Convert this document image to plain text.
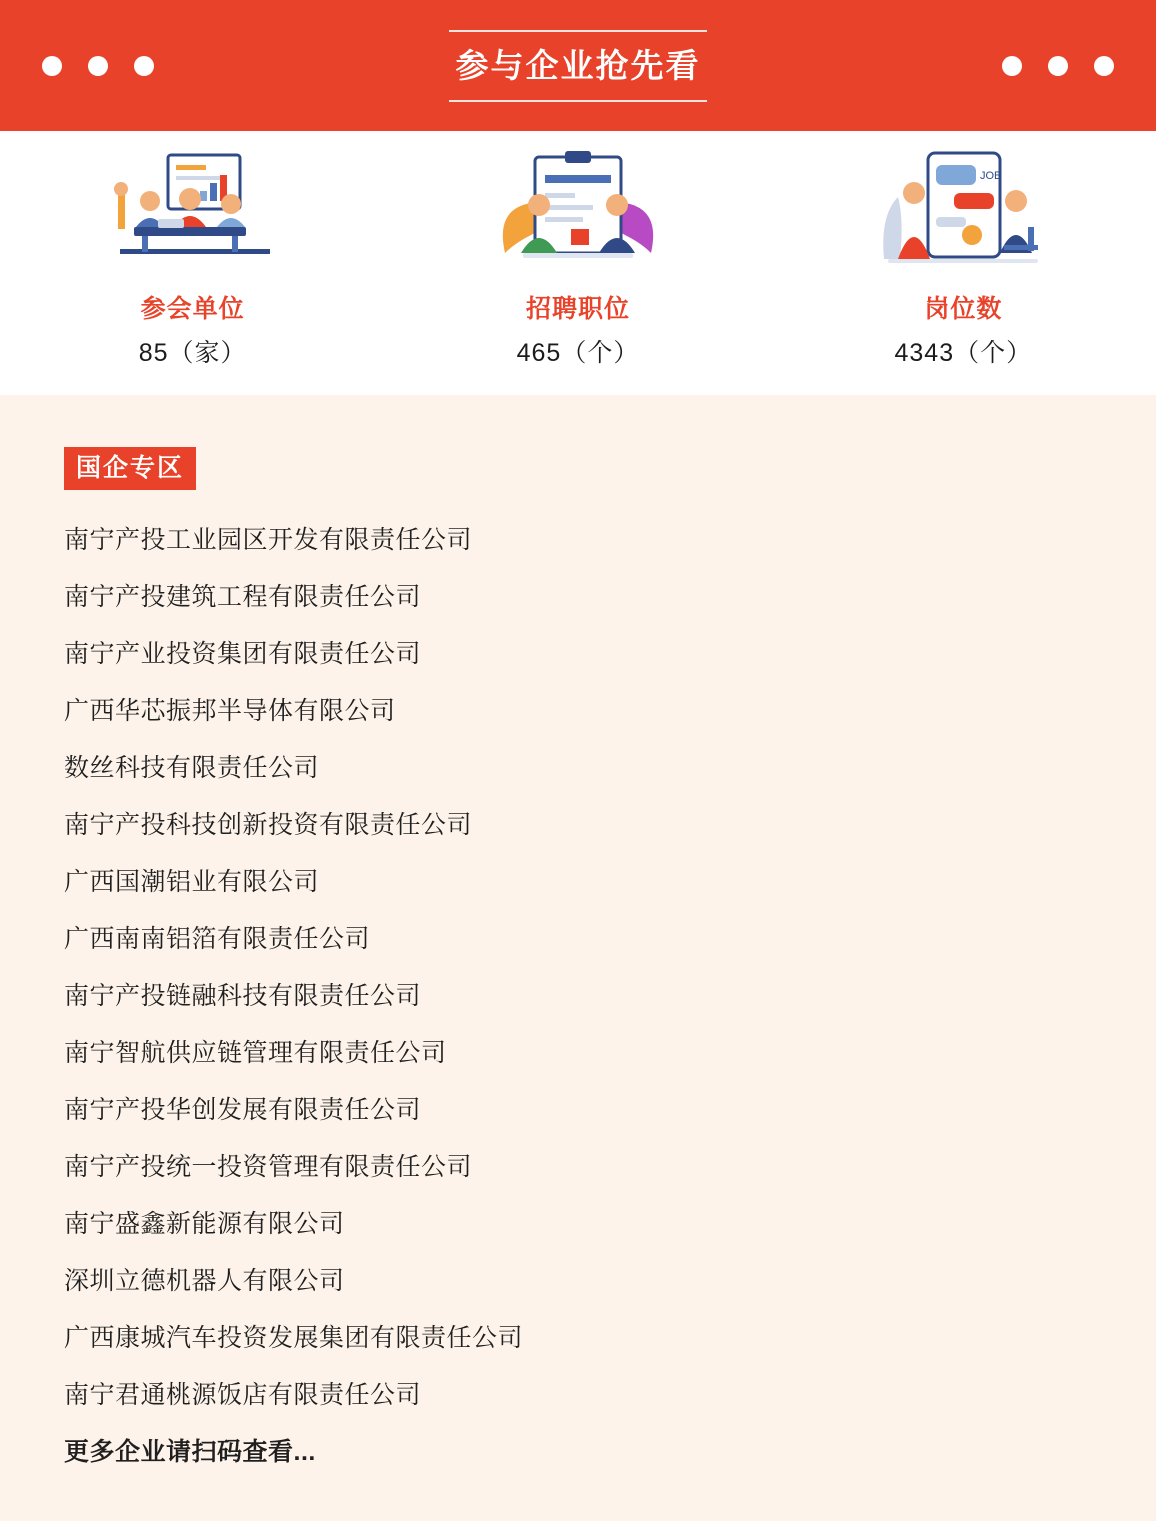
参与企业抢先看
参会单位
85（家）
招聘职位
465（个）
JOB
岗位数
4343（个）
国企专区
南宁产投工业园区开发有限责任公司
南宁产投建筑工程有限责任公司
南宁产业投资集团有限责任公司
广西华芯振邦半导体有限公司
数丝科技有限责任公司
南宁产投科技创新投资有限责任公司
广西国潮铝业有限公司
广西南南铝箔有限责任公司
南宁产投链融科技有限责任公司
南宁智航供应链管理有限责任公司
南宁产投华创发展有限责任公司
南宁产投统一投资管理有限责任公司
南宁盛鑫新能源有限公司
深圳立德机器人有限公司
广西康城汽车投资发展集团有限责任公司
南宁君通桃源饭店有限责任公司
更多企业请扫码查看...
